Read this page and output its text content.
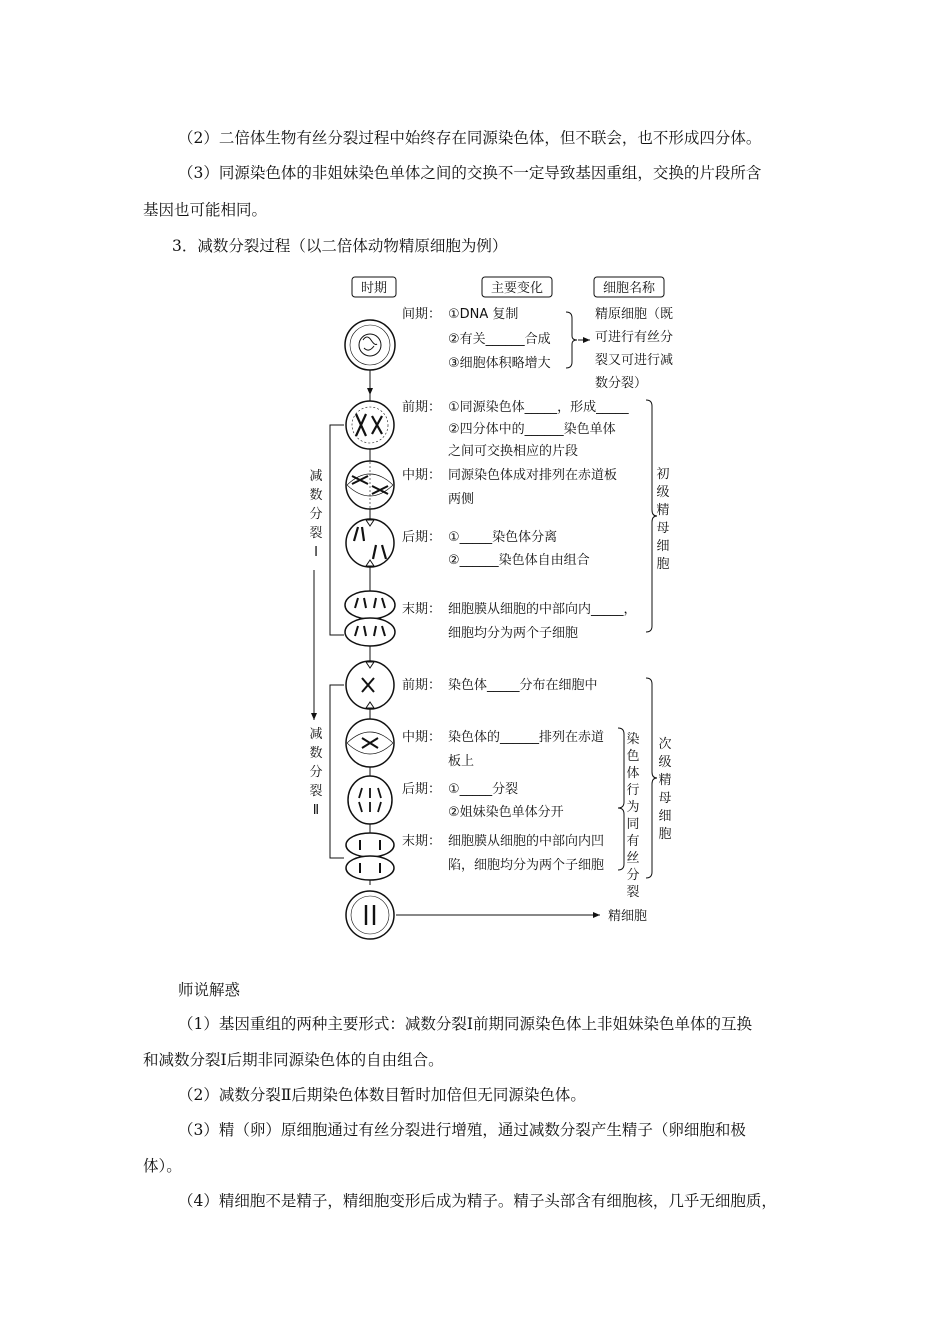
（2）二倍体生物有丝分裂过程中始终存在同源染色体，但不联会，也不形成四分体。
（3）同源染色体的非姐妹染色单体之间的交换不一定导致基因重组，交换的片段所含
基因也可能相同。
3．减数分裂过程（以二倍体动物精原细胞为例）
时期	主要变化	细胞名称
精细胞
减
数
分
裂
Ⅰ
减
数
分
裂
Ⅱ
间期： ①DNA 复制
②有关______合成
③细胞体积略增大
精原细胞（既
可进行有丝分
裂又可进行减
数分裂）
前期： ①同源染色体_____，形成_____
②四分体中的______染色单体
之间可交换相应的片段
中期： 同源染色体成对排列在赤道板
两侧
后期： ①_____染色体分离
②______染色体自由组合
末期： 细胞膜从细胞的中部向内_____，
细胞均分为两个子细胞
初
级
精
母
细
胞
前期： 染色体_____分布在细胞中
中期： 染色体的______排列在赤道
板上
后期： ①_____分裂
②姐妹染色单体分开
末期： 细胞膜从细胞的中部向内凹
陷，细胞均分为两个子细胞
染
色
体
行
为
同
有
丝
分
裂
次
级
精
母
细
胞
师说解惑
（1）基因重组的两种主要形式：减数分裂Ⅰ前期同源染色体上非姐妹染色单体的互换
和减数分裂Ⅰ后期非同源染色体的自由组合。
（2）减数分裂Ⅱ后期染色体数目暂时加倍但无同源染色体。
（3）精（卵）原细胞通过有丝分裂进行增殖，通过减数分裂产生精子（卵细胞和极
体）。
（4）精细胞不是精子，精细胞变形后成为精子。精子头部含有细胞核，几乎无细胞质，
